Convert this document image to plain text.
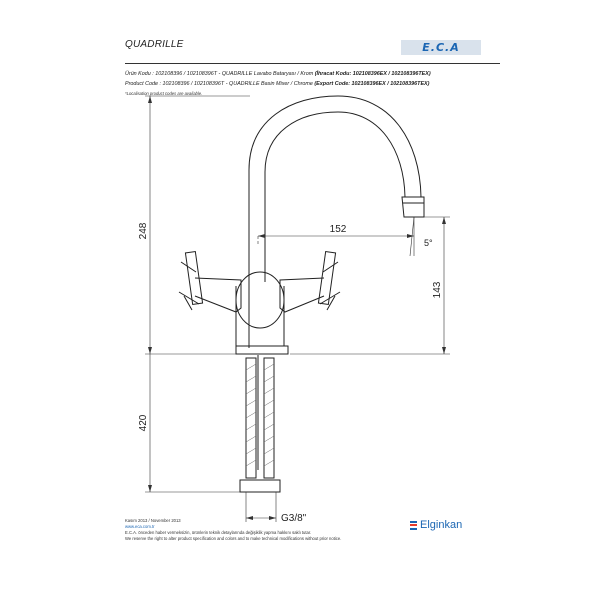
QUADRILLE	E.C.A
Ürün Kodu : 102108396 / 102108396T - QUADRILLE Lavabo Bataryası / Krom (İhracat Kodu: 102108396EX / 102108396TEX)
Product Code : 102108396 / 102108396T - QUADRILLE Basin Mixer / Chrome (Export Code: 102108396EX / 102108396TEX)
*Localisation product codes are available.
248	152
5°
143
420
G3/8"
Kasım 2013 / November 2013
www.eca.com.tr
E.C.A. önceden haber vermeksizin, ürünlerin teknik detaylarında değişiklik yapma hakkını saklı tutar.
We reserve the right to alter product specification and colors and to make technical modifications without prior notice.
Elginkan
